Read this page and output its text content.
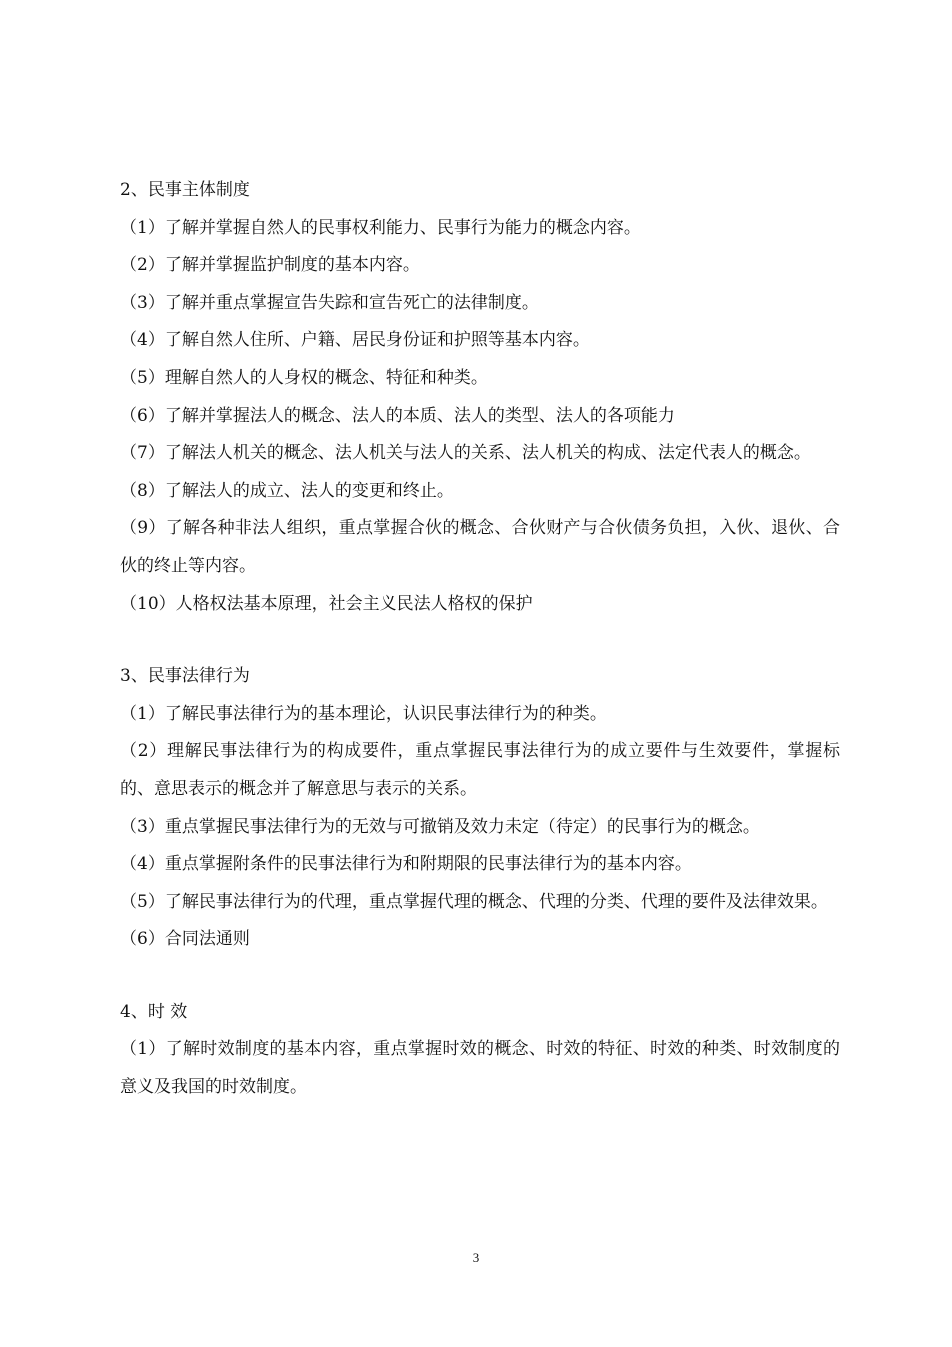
2、民事主体制度

（1）了解并掌握自然人的民事权利能力、民事行为能力的概念内容。

（2）了解并掌握监护制度的基本内容。

（3）了解并重点掌握宣告失踪和宣告死亡的法律制度。

（4）了解自然人住所、户籍、居民身份证和护照等基本内容。

（5）理解自然人的人身权的概念、特征和种类。

（6）了解并掌握法人的概念、法人的本质、法人的类型、法人的各项能力

（7）了解法人机关的概念、法人机关与法人的关系、法人机关的构成、法定代表人的概念。

（8）了解法人的成立、法人的变更和终止。

（9）了解各种非法人组织，重点掌握合伙的概念、合伙财产与合伙债务负担，入伙、退伙、合伙的终止等内容。

（10）人格权法基本原理，社会主义民法人格权的保护

3、民事法律行为

（1）了解民事法律行为的基本理论，认识民事法律行为的种类。

（2）理解民事法律行为的构成要件，重点掌握民事法律行为的成立要件与生效要件，掌握标的、意思表示的概念并了解意思与表示的关系。

（3）重点掌握民事法律行为的无效与可撤销及效力未定（待定）的民事行为的概念。

（4）重点掌握附条件的民事法律行为和附期限的民事法律行为的基本内容。

（5）了解民事法律行为的代理，重点掌握代理的概念、代理的分类、代理的要件及法律效果。

（6）合同法通则

4、时 效

（1）了解时效制度的基本内容，重点掌握时效的概念、时效的特征、时效的种类、时效制度的意义及我国的时效制度。

3
